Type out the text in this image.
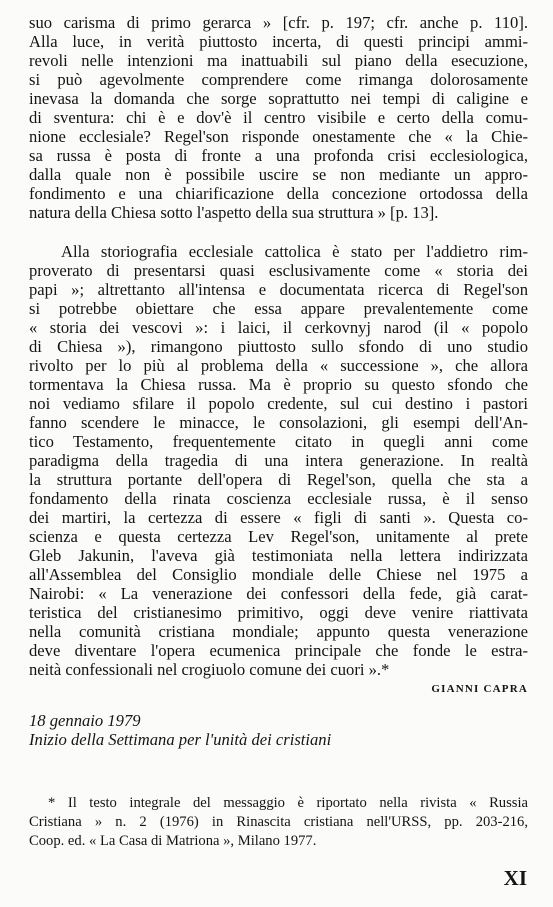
suo carisma di primo gerarca » [cfr. p. 197; cfr. anche p. 110].
Alla luce, in verità piuttosto incerta, di questi principi ammi-
revoli nelle intenzioni ma inattuabili sul piano della esecuzione,
si può agevolmente comprendere come rimanga dolorosamente
inevasa la domanda che sorge soprattutto nei tempi di caligine e
di sventura: chi è e dov'è il centro visibile e certo della comu-
nione ecclesiale? Regel'son risponde onestamente che « la Chie-
sa russa è posta di fronte a una profonda crisi ecclesiologica,
dalla quale non è possibile uscire se non mediante un appro-
fondimento e una chiarificazione della concezione ortodossa della
natura della Chiesa sotto l'aspetto della sua struttura » [p. 13].
Alla storiografia ecclesiale cattolica è stato per l'addietro rim-
proverato di presentarsi quasi esclusivamente come « storia dei
papi »; altrettanto all'intensa e documentata ricerca di Regel'son
si potrebbe obiettare che essa appare prevalentemente come
« storia dei vescovi »: i laici, il cerkovnyj narod (il « popolo
di Chiesa »), rimangono piuttosto sullo sfondo di uno studio
rivolto per lo più al problema della « successione », che allora
tormentava la Chiesa russa. Ma è proprio su questo sfondo che
noi vediamo sfilare il popolo credente, sul cui destino i pastori
fanno scendere le minacce, le consolazioni, gli esempi dell'An-
tico Testamento, frequentemente citato in quegli anni come
paradigma della tragedia di una intera generazione. In realtà
la struttura portante dell'opera di Regel'son, quella che sta a
fondamento della rinata coscienza ecclesiale russa, è il senso
dei martiri, la certezza di essere « figli di santi ». Questa co-
scienza e questa certezza Lev Regel'son, unitamente al prete
Gleb Jakunin, l'aveva già testimoniata nella lettera indirizzata
all'Assemblea del Consiglio mondiale delle Chiese nel 1975 a
Nairobi: « La venerazione dei confessori della fede, già carat-
teristica del cristianesimo primitivo, oggi deve venire riattivata
nella comunità cristiana mondiale; appunto questa venerazione
deve diventare l'opera ecumenica principale che fonde le estra-
neità confessionali nel crogiuolo comune dei cuori ».*
GIANNI CAPRA
18 gennaio 1979
Inizio della Settimana per l'unità dei cristiani
* Il testo integrale del messaggio è riportato nella rivista « Russia
Cristiana » n. 2 (1976) in Rinascita cristiana nell'URSS, pp. 203-216,
Coop. ed. « La Casa di Matriona », Milano 1977.
XI
